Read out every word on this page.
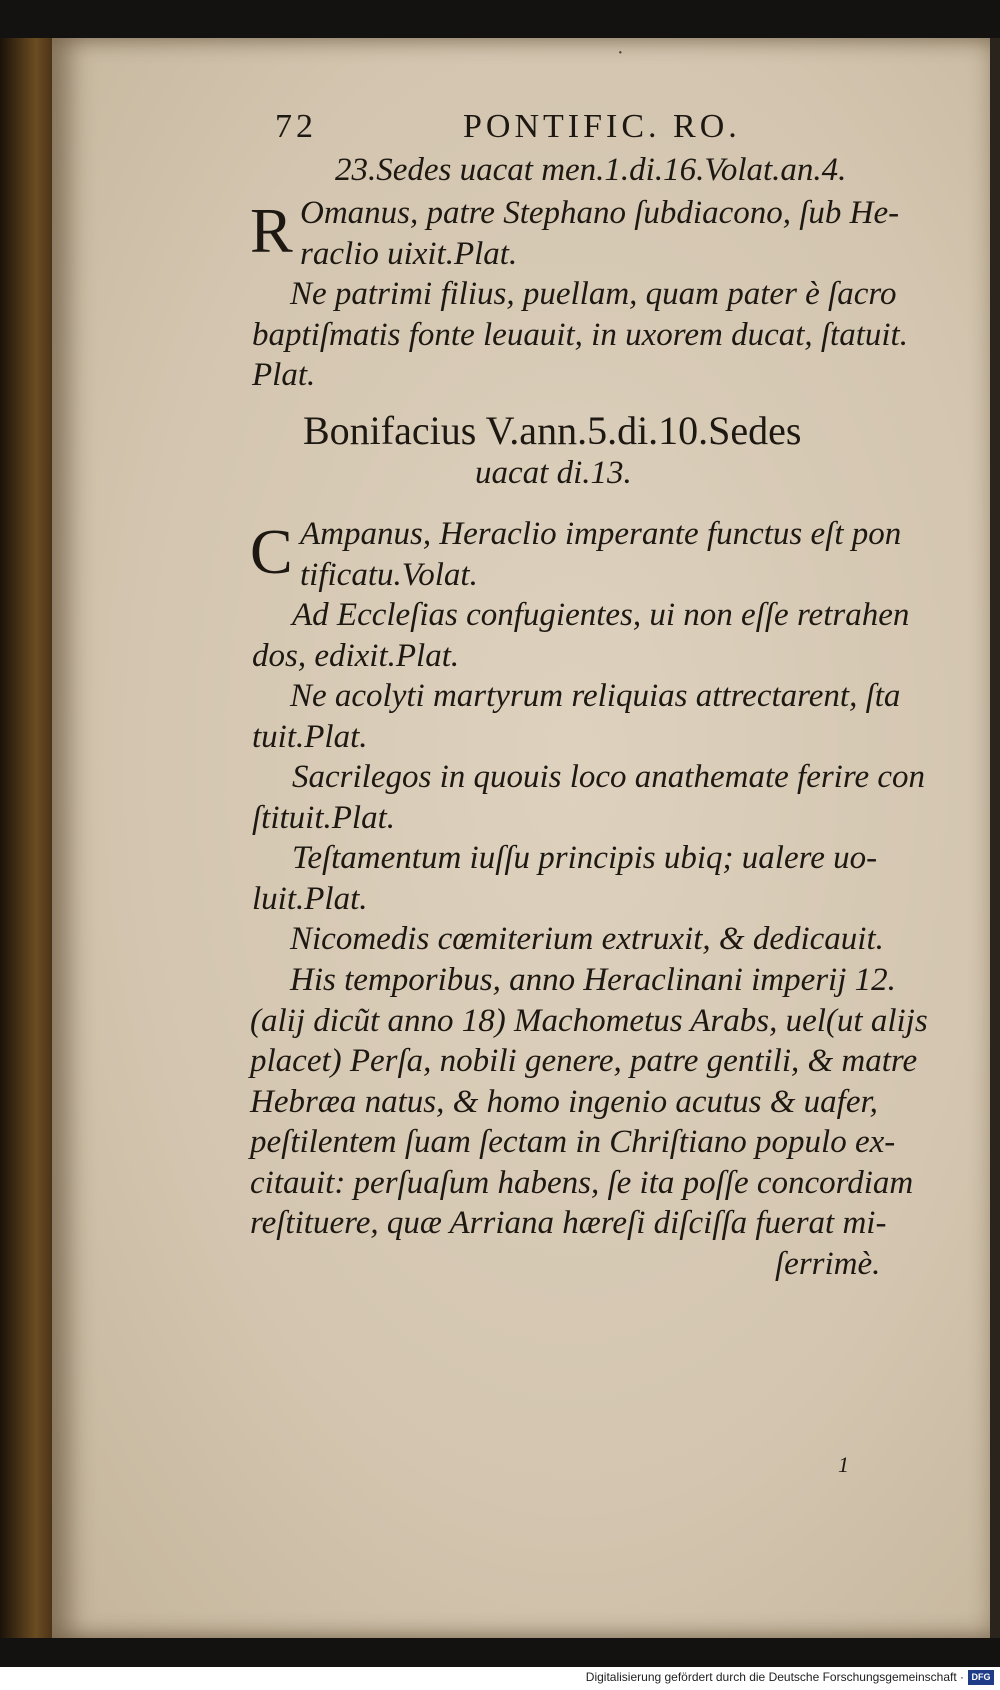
72	PONTIFIC. RO.
·
23.Sedes uacat men.1.di.16.Volat.an.4.
R Omanus, patre Stephano ſubdiacono, ſub He-
raclio uixit.Plat.
Ne patrimi filius, puellam, quam pater è ſacro
baptiſmatis fonte leuauit, in uxorem ducat, ſtatuit.
Plat.
Bonifacius V.ann.5.di.10.Sedes
uacat di.13.
C Ampanus, Heraclio imperante functus eſt pon
tificatu.Volat.
Ad Eccleſias confugientes, ui non eſſe retrahen
dos, edixit.Plat.
Ne acolyti martyrum reliquias attrectarent, ſta
tuit.Plat.
Sacrilegos in quouis loco anathemate ferire con
ſtituit.Plat.
Teſtamentum iuſſu principis ubiq; ualere uo-
luit.Plat.
Nicomedis cœmiterium extruxit, & dedicauit.
His temporibus, anno Heraclinani imperij 12.
(alij dicũt anno 18) Machometus Arabs, uel(ut alijs
placet) Perſa, nobili genere, patre gentili, & matre
Hebræa natus, & homo ingenio acutus & uafer,
peſtilentem ſuam ſectam in Chriſtiano populo ex-
citauit: perſuaſum habens, ſe ita poſſe concordiam
reſtituere, quæ Arriana hæreſi diſciſſa fuerat mi-
ſerrimè.
1
Digitalisierung gefördert durch die Deutsche Forschungsgemeinschaft · DFG
